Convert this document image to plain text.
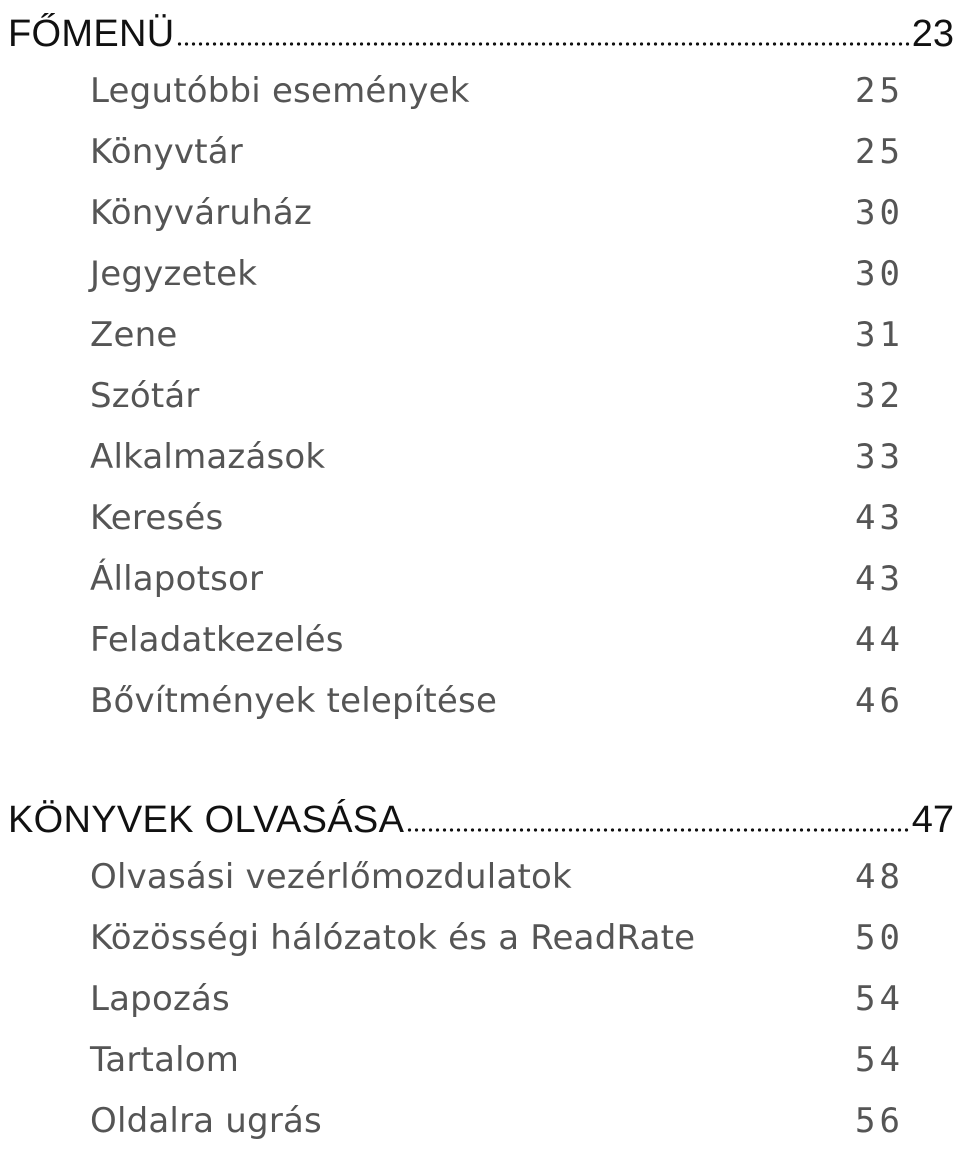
FŐMENÜ	23
Legutóbbi események	25
Könyvtár	25
Könyváruház	30
Jegyzetek	30
Zene	31
Szótár	32
Alkalmazások	33
Keresés	43
Állapotsor	43
Feladatkezelés	44
Bővítmények telepítése	46
KÖNYVEK OLVASÁSA	47
Olvasási vezérlőmozdulatok	48
Közösségi hálózatok és a ReadRate	50
Lapozás	54
Tartalom	54
Oldalra ugrás	56
